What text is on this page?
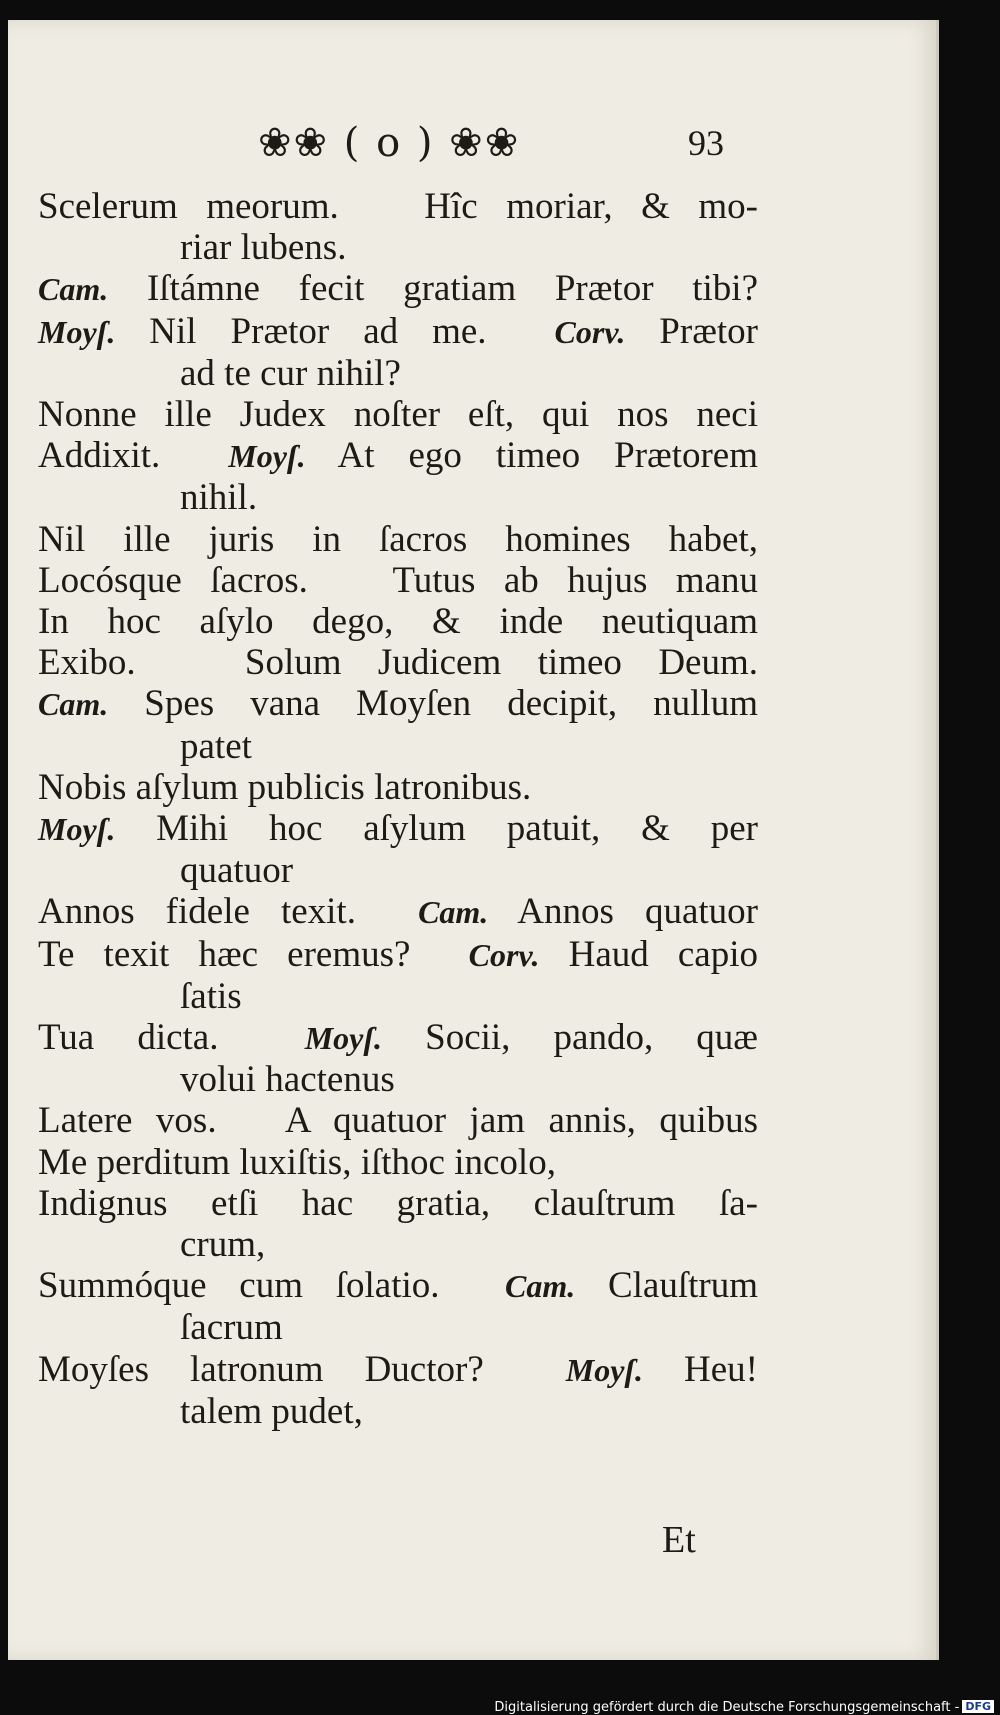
❀❀ ( o ) ❀❀	93
Scelerum meorum.   Hîc moriar, & mo-
riar lubens.
Cam. Iſtámne fecit gratiam Prætor tibi?
Moyſ. Nil Prætor ad me.  Corv. Prætor
ad te cur nihil?
Nonne ille Judex noſter eſt, qui nos neci
Addixit.  Moyſ. At ego timeo Prætorem
nihil.
Nil ille juris in ſacros homines habet,
Locósque ſacros.   Tutus ab hujus manu
In hoc aſylo dego, & inde neutiquam
Exibo.   Solum Judicem timeo Deum.
Cam. Spes vana Moyſen decipit, nullum
patet
Nobis aſylum publicis latronibus.
Moyſ. Mihi hoc aſylum patuit, & per
quatuor
Annos fidele texit.  Cam. Annos quatuor
Te texit hæc eremus?  Corv. Haud capio
ſatis
Tua dicta.  Moyſ. Socii, pando, quæ
volui hactenus
Latere vos.   A quatuor jam annis, quibus
Me perditum luxiſtis, iſthoc incolo,
Indignus etſi hac gratia, clauſtrum ſa-
crum,
Summóque cum ſolatio.  Cam. Clauſtrum
ſacrum
Moyſes latronum Ductor?  Moyſ. Heu!
talem pudet,
Et
Digitalisierung gefördert durch die Deutsche Forschungsgemeinschaft - DFG
